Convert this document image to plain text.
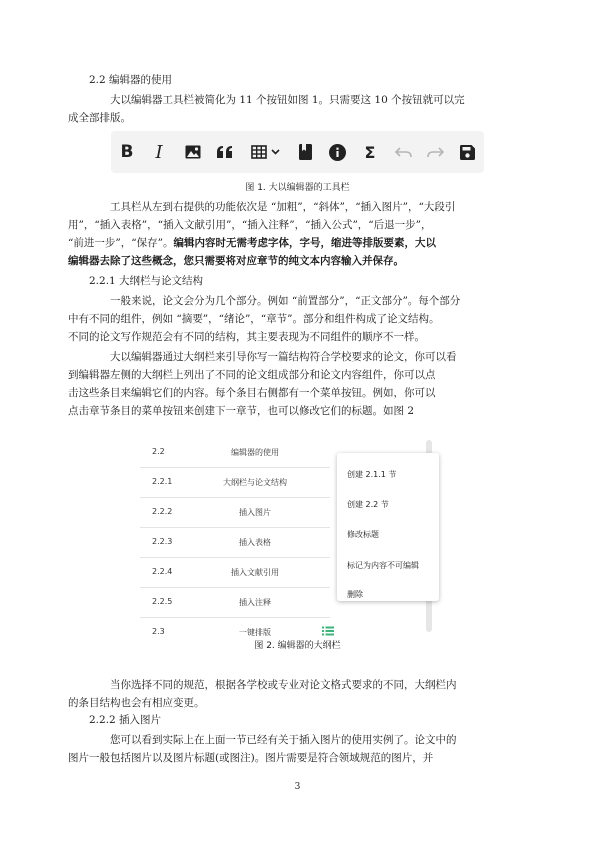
2.2 编辑器的使用
大以编辑器工具栏被简化为 11 个按钮如图 1。只需要这 10 个按钮就可以完
成全部排版。
B I	Σ
图 1. 大以编辑器的工具栏
工具栏从左到右提供的功能依次是 “加粗”，“斜体”，“插入图片”，“大段引
用”，“插入表格”，“插入文献引用”，“插入注释”，“插入公式”，“后退一步”，
“前进一步”，“保存”。编辑内容时无需考虑字体，字号，缩进等排版要素，大以
编辑器去除了这些概念，您只需要将对应章节的纯文本内容输入并保存。
2.2.1 大纲栏与论文结构
一般来说，论文会分为几个部分。例如 “前置部分”，“正文部分”。每个部分
中有不同的组件，例如 “摘要”，“绪论”，“章节”。部分和组件构成了论文结构。
不同的论文写作规范会有不同的结构，其主要表现为不同组件的顺序不一样。
大以编辑器通过大纲栏来引导你写一篇结构符合学校要求的论文，你可以看
到编辑器左侧的大纲栏上列出了不同的论文组成部分和论文内容组件，你可以点
击这些条目来编辑它们的内容。每个条目右侧都有一个菜单按钮。例如，你可以
点击章节条目的菜单按钮来创建下一章节，也可以修改它们的标题。如图 2
2.2	编辑器的使用
2.2.1	大纲栏与论文结构
2.2.2	插入图片
2.2.3	插入表格
2.2.4	插入文献引用
2.2.5	插入注释
2.3	一键排版
创建 2.1.1 节
创建 2.2 节
修改标题
标记为内容不可编辑
删除
图 2. 编辑器的大纲栏
当你选择不同的规范，根据各学校或专业对论文格式要求的不同，大纲栏内
的条目结构也会有相应变更。
2.2.2 插入图片
您可以看到实际上在上面一节已经有关于插入图片的使用实例了。论文中的
图片一般包括图片以及图片标题(或图注)。图片需要是符合领域规范的图片，并
3
